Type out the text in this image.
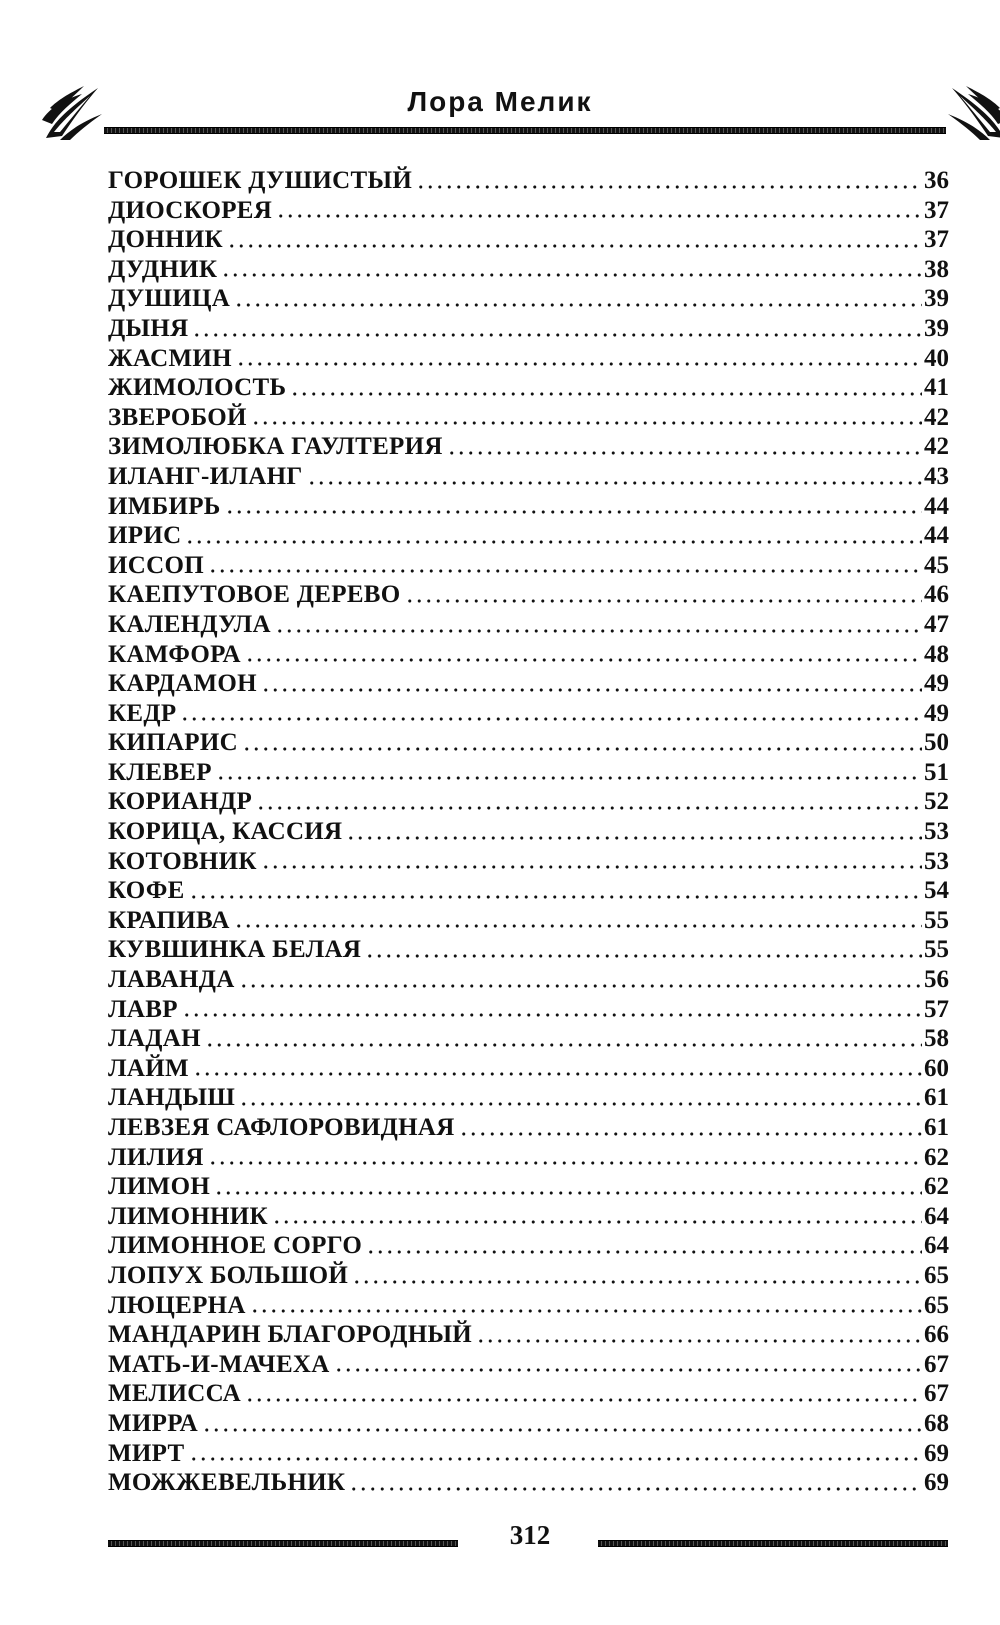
Лора Мелик
ГОРОШЕК ДУШИСТЫЙ	36
ДИОСКОРЕЯ	37
ДОННИК	37
ДУДНИК	38
ДУШИЦА	39
ДЫНЯ	39
ЖАСМИН	40
ЖИМОЛОСТЬ	41
ЗВЕРОБОЙ	42
ЗИМОЛЮБКА ГАУЛТЕРИЯ	42
ИЛАНГ-ИЛАНГ	43
ИМБИРЬ	44
ИРИС	44
ИССОП	45
КАЕПУТОВОЕ ДЕРЕВО	46
КАЛЕНДУЛА	47
КАМФОРА	48
КАРДАМОН	49
КЕДР	49
КИПАРИС	50
КЛЕВЕР	51
КОРИАНДР	52
КОРИЦА, КАССИЯ	53
КОТОВНИК	53
КОФЕ	54
КРАПИВА	55
КУВШИНКА БЕЛАЯ	55
ЛАВАНДА	56
ЛАВР	57
ЛАДАН	58
ЛАЙМ	60
ЛАНДЫШ	61
ЛЕВЗЕЯ САФЛОРОВИДНАЯ	61
ЛИЛИЯ	62
ЛИМОН	62
ЛИМОННИК	64
ЛИМОННОЕ СОРГО	64
ЛОПУХ БОЛЬШОЙ	65
ЛЮЦЕРНА	65
МАНДАРИН БЛАГОРОДНЫЙ	66
МАТЬ-И-МАЧЕХА	67
МЕЛИССА	67
МИРРА	68
МИРТ	69
МОЖЖЕВЕЛЬНИК	69
312
